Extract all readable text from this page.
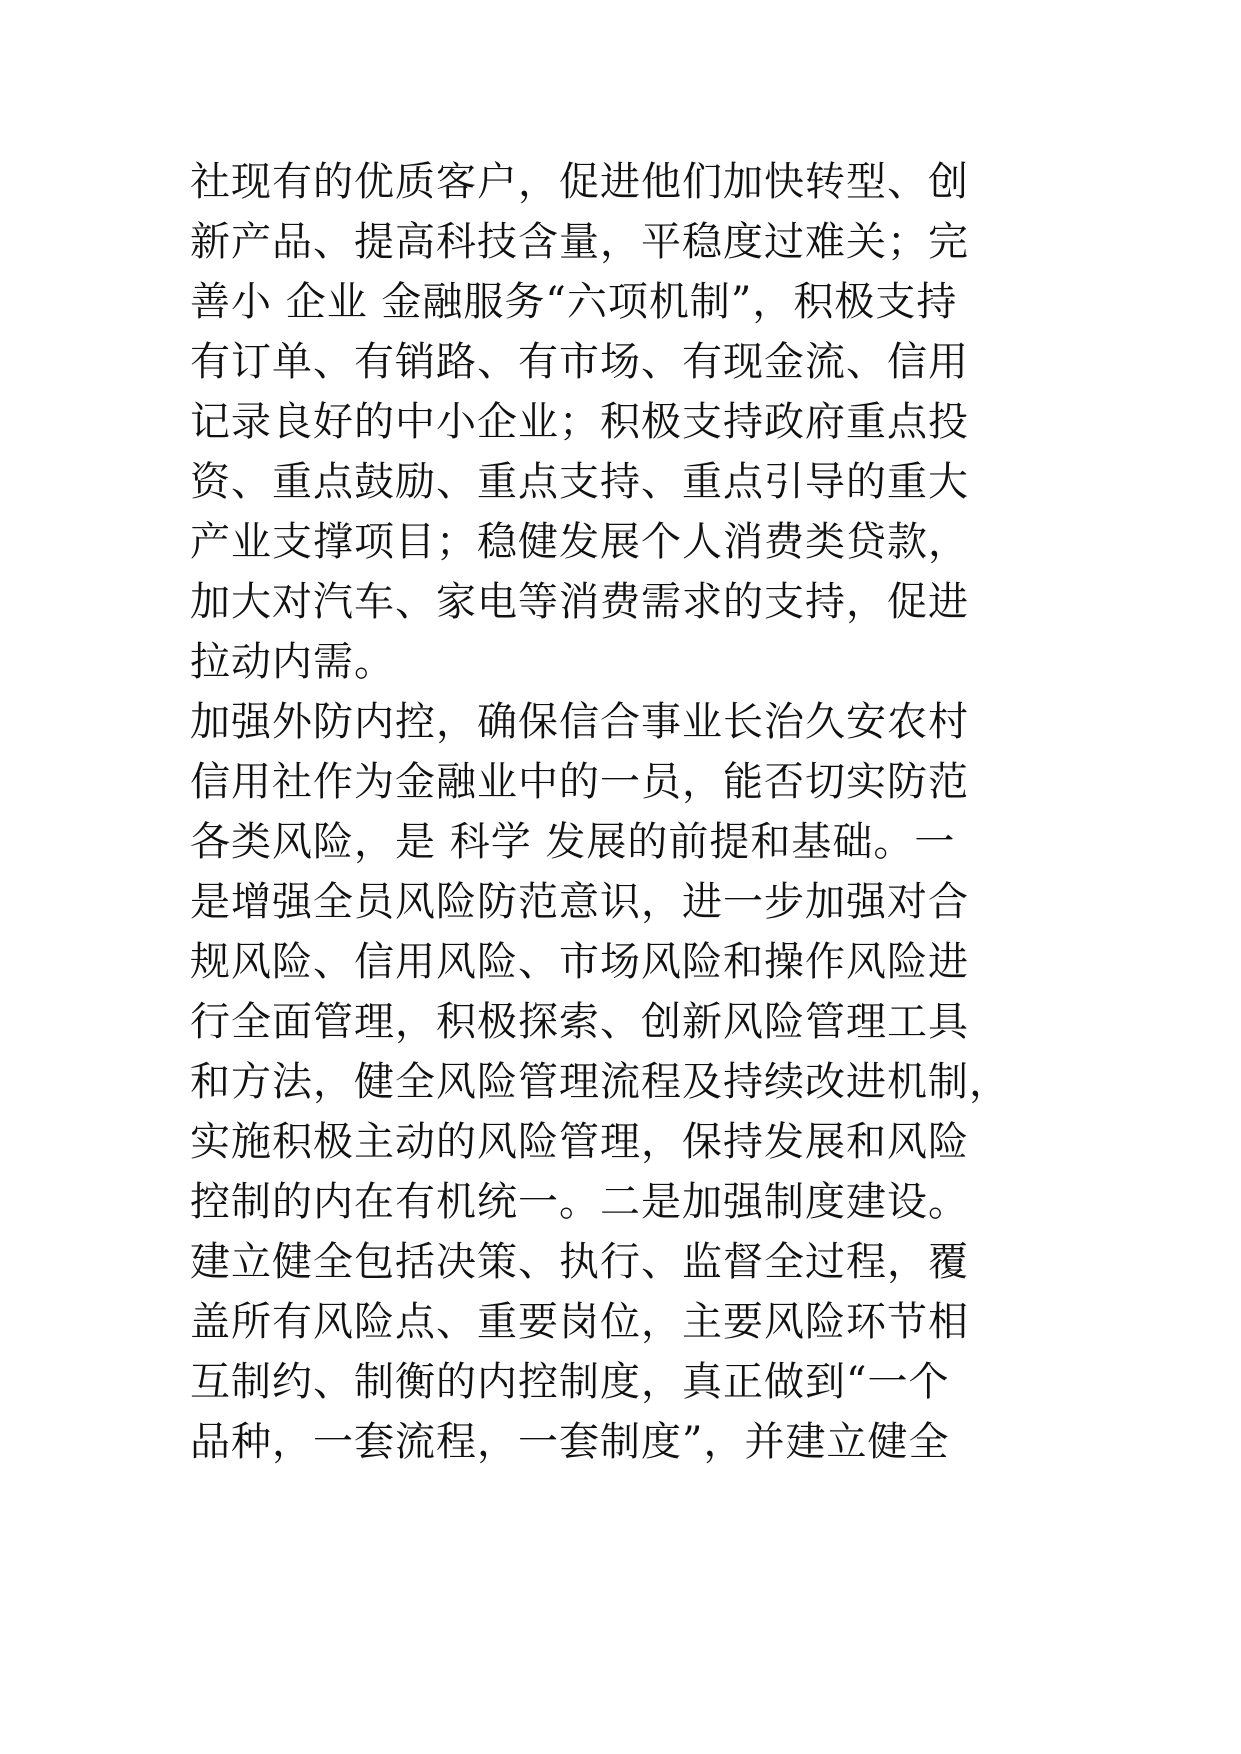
社现有的优质客户，促进他们加快转型、创
新产品、提高科技含量，平稳度过难关；完
善小 企业 金融服务“六项机制”，积极支持
有订单、有销路、有市场、有现金流、信用
记录良好的中小企业；积极支持政府重点投
资、重点鼓励、重点支持、重点引导的重大
产业支撑项目；稳健发展个人消费类贷款，
加大对汽车、家电等消费需求的支持，促进
拉动内需。
加强外防内控，确保信合事业长治久安农村
信用社作为金融业中的一员，能否切实防范
各类风险，是 科学 发展的前提和基础。一
是增强全员风险防范意识，进一步加强对合
规风险、信用风险、市场风险和操作风险进
行全面管理，积极探索、创新风险管理工具
和方法，健全风险管理流程及持续改进机制，
实施积极主动的风险管理，保持发展和风险
控制的内在有机统一。二是加强制度建设。
建立健全包括决策、执行、监督全过程，覆
盖所有风险点、重要岗位，主要风险环节相
互制约、制衡的内控制度，真正做到“一个
品种，一套流程，一套制度”，并建立健全
